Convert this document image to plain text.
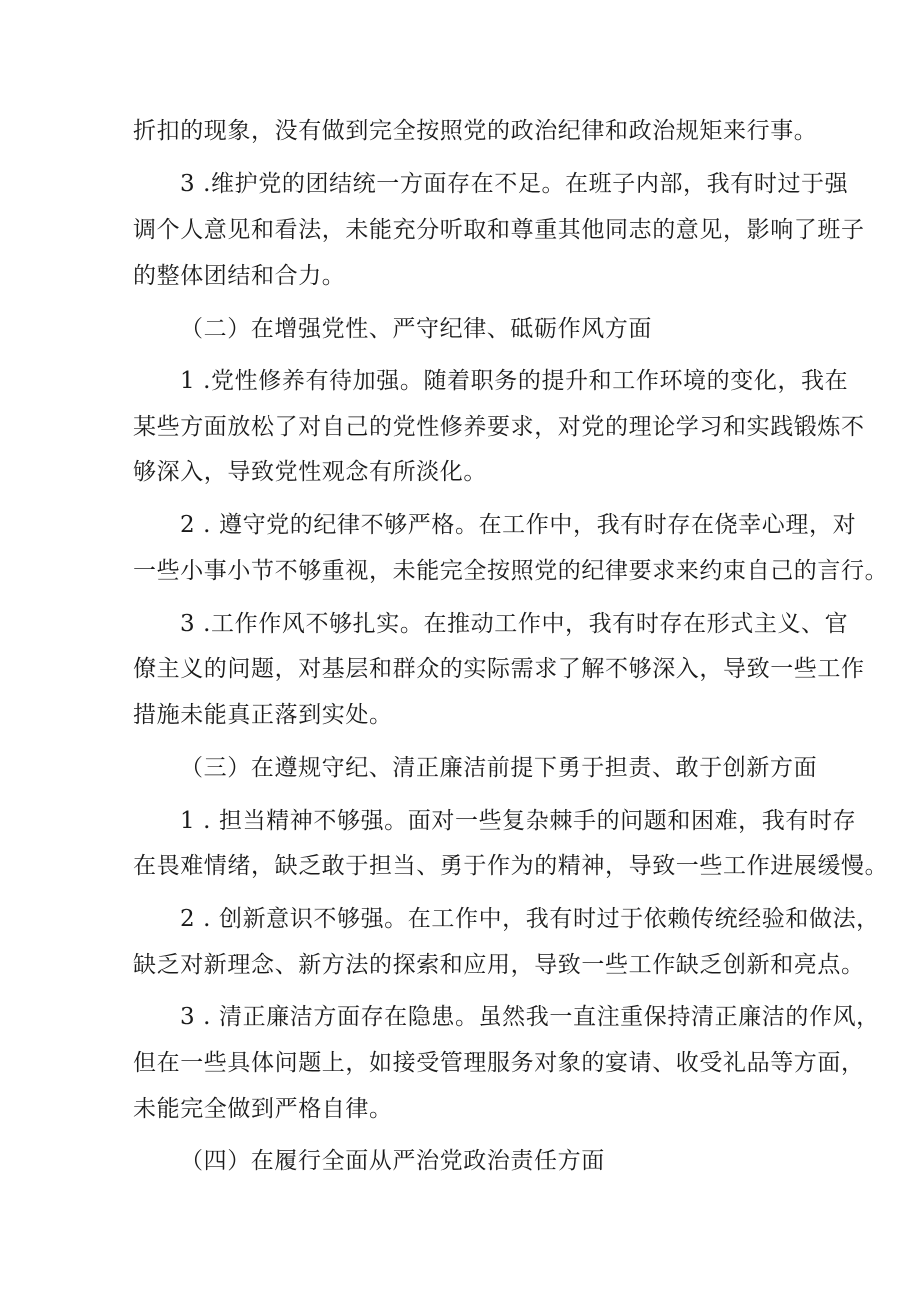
折扣的现象，没有做到完全按照党的政治纪律和政治规矩来行事。
3 .维护党的团结统一方面存在不足。在班子内部，我有时过于强
调个人意见和看法，未能充分听取和尊重其他同志的意见，影响了班子
的整体团结和合力。
（二）在增强党性、严守纪律、砥砺作风方面
1 .党性修养有待加强。随着职务的提升和工作环境的变化，我在
某些方面放松了对自己的党性修养要求，对党的理论学习和实践锻炼不
够深入，导致党性观念有所淡化。
2 . 遵守党的纪律不够严格。在工作中，我有时存在侥幸心理，对
一些小事小节不够重视，未能完全按照党的纪律要求来约束自己的言行。
3 .工作作风不够扎实。在推动工作中，我有时存在形式主义、官
僚主义的问题，对基层和群众的实际需求了解不够深入，导致一些工作
措施未能真正落到实处。
（三）在遵规守纪、清正廉洁前提下勇于担责、敢于创新方面
1 . 担当精神不够强。面对一些复杂棘手的问题和困难，我有时存
在畏难情绪，缺乏敢于担当、勇于作为的精神，导致一些工作进展缓慢。
2 . 创新意识不够强。在工作中，我有时过于依赖传统经验和做法，
缺乏对新理念、新方法的探索和应用，导致一些工作缺乏创新和亮点。
3 . 清正廉洁方面存在隐患。虽然我一直注重保持清正廉洁的作风，
但在一些具体问题上，如接受管理服务对象的宴请、收受礼品等方面，
未能完全做到严格自律。
（四）在履行全面从严治党政治责任方面
